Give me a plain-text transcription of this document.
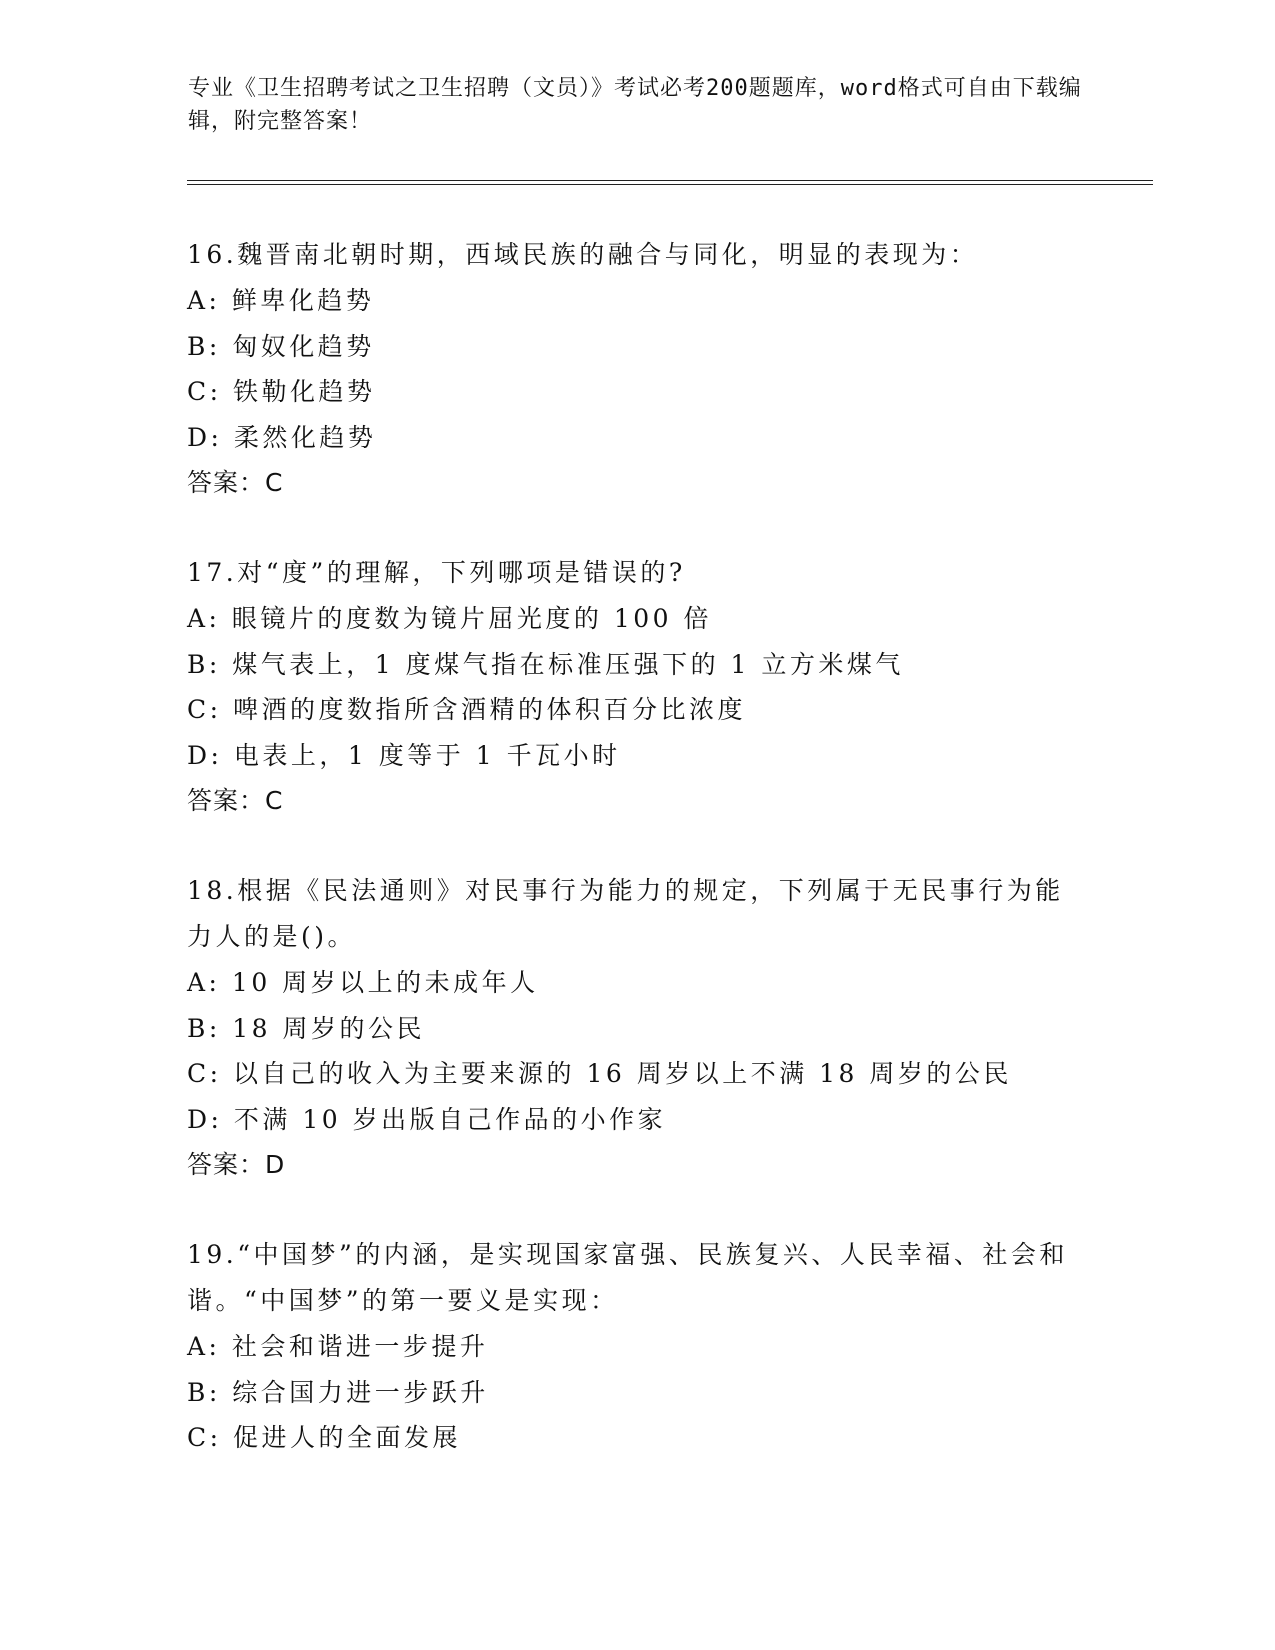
专业《卫生招聘考试之卫生招聘（文员）》考试必考200题题库，word格式可自由下载编辑，附完整答案！

16.魏晋南北朝时期，西域民族的融合与同化，明显的表现为：

A: 鲜卑化趋势

B: 匈奴化趋势

C: 铁勒化趋势

D: 柔然化趋势

答案：C

17.对“度”的理解，下列哪项是错误的?

A: 眼镜片的度数为镜片屈光度的 100 倍

B: 煤气表上，1 度煤气指在标准压强下的 1 立方米煤气

C: 啤酒的度数指所含酒精的体积百分比浓度

D: 电表上，1 度等于 1 千瓦小时

答案：C

18.根据《民法通则》对民事行为能力的规定，下列属于无民事行为能力人的是()。

A: 10 周岁以上的未成年人

B: 18 周岁的公民

C: 以自己的收入为主要来源的 16 周岁以上不满 18 周岁的公民

D: 不满 10 岁出版自己作品的小作家

答案：D

19.“中国梦”的内涵，是实现国家富强、民族复兴、人民幸福、社会和谐。“中国梦”的第一要义是实现：

A: 社会和谐进一步提升

B: 综合国力进一步跃升

C: 促进人的全面发展
